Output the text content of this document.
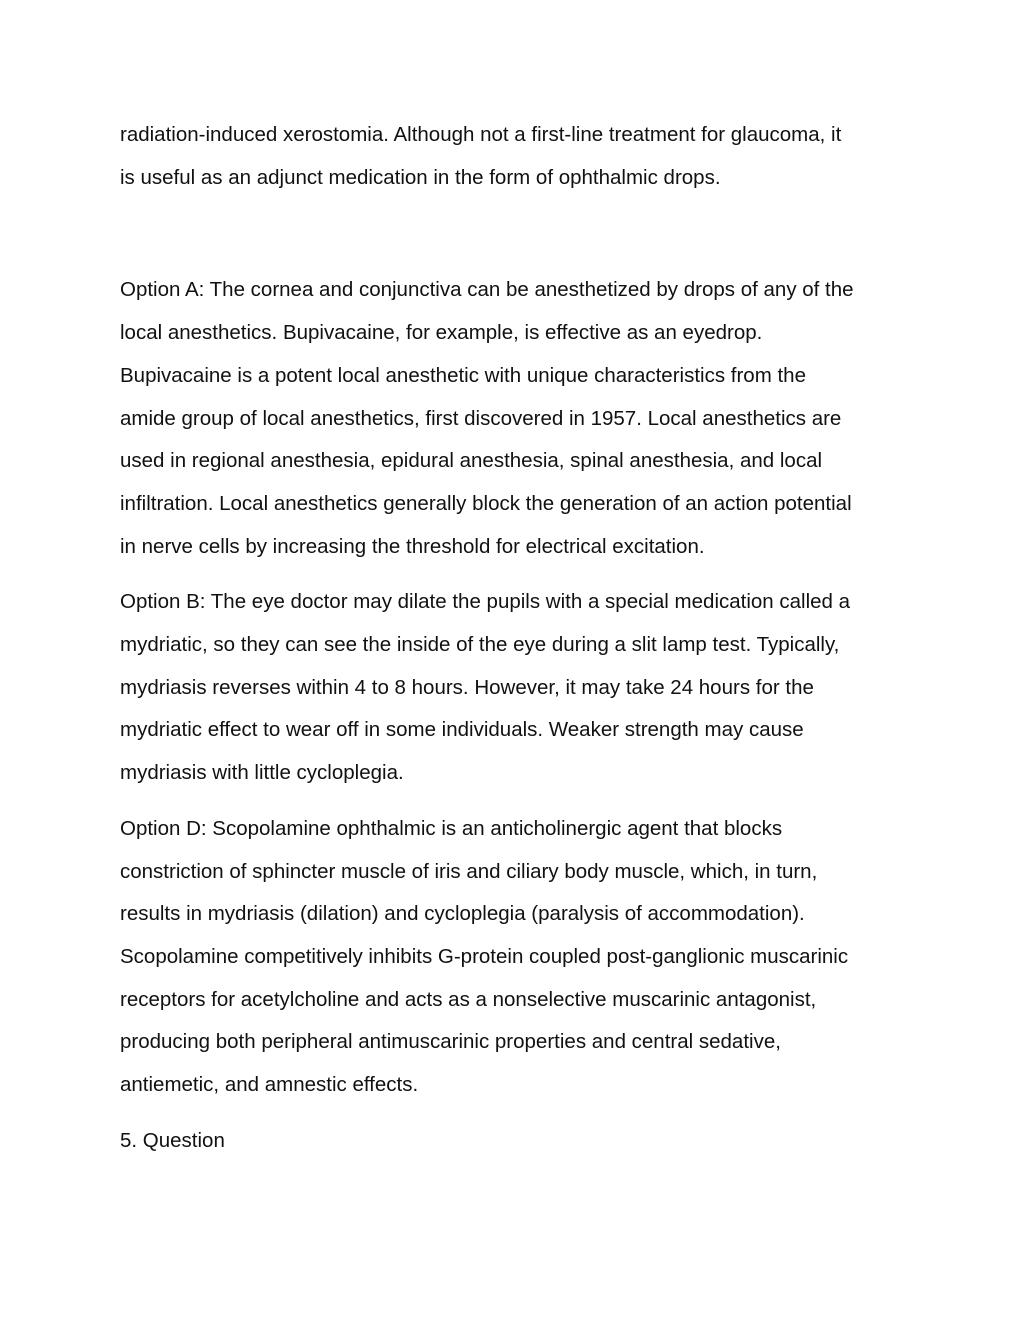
radiation-induced xerostomia. Although not a first-line treatment for glaucoma, it
is useful as an adjunct medication in the form of ophthalmic drops.
Option A: The cornea and conjunctiva can be anesthetized by drops of any of the
local anesthetics. Bupivacaine, for example, is effective as an eyedrop.
Bupivacaine is a potent local anesthetic with unique characteristics from the
amide group of local anesthetics, first discovered in 1957. Local anesthetics are
used in regional anesthesia, epidural anesthesia, spinal anesthesia, and local
infiltration. Local anesthetics generally block the generation of an action potential
in nerve cells by increasing the threshold for electrical excitation.
Option B: The eye doctor may dilate the pupils with a special medication called a
mydriatic, so they can see the inside of the eye during a slit lamp test. Typically,
mydriasis reverses within 4 to 8 hours. However, it may take 24 hours for the
mydriatic effect to wear off in some individuals. Weaker strength may cause
mydriasis with little cycloplegia.
Option D: Scopolamine ophthalmic is an anticholinergic agent that blocks
constriction of sphincter muscle of iris and ciliary body muscle, which, in turn,
results in mydriasis (dilation) and cycloplegia (paralysis of accommodation).
Scopolamine competitively inhibits G-protein coupled post-ganglionic muscarinic
receptors for acetylcholine and acts as a nonselective muscarinic antagonist,
producing both peripheral antimuscarinic properties and central sedative,
antiemetic, and amnestic effects.
5. Question
